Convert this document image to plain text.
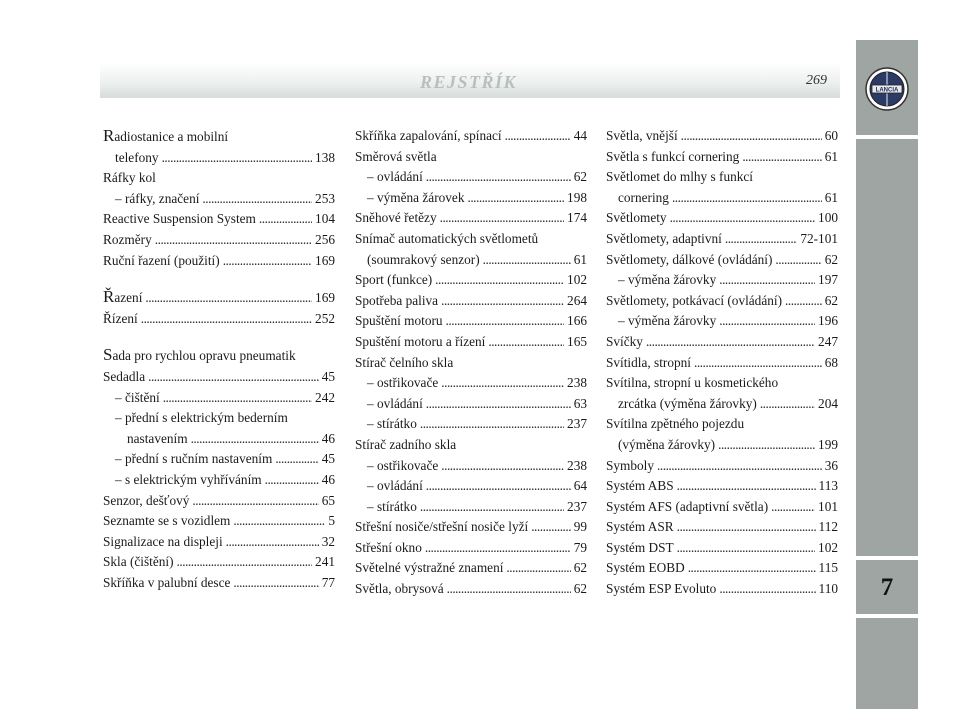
REJSTŘÍK	269
LANCIA
7
Radiostanice a mobilní
telefony . . .	138
Ráfky kol
– ráfky, značení . . .	253
Reactive Suspension System . . .	104
Rozměry . . .	256
Ruční řazení (použití) . . .	169
Řazení . . .	169
Řízení . . .	252
Sada pro rychlou opravu pneumatik
Sedadla . . .	45
– čištění . . .	242
– přední s elektrickým bederním
nastavením . . .	46
– přední s ručním nastavením . . .	45
– s elektrickým vyhříváním . . .	46
Senzor, dešťový . . .	65
Seznamte se s vozidlem . . .	5
Signalizace na displeji . . .	32
Skla (čištění) . . .	241
Skříňka v palubní desce . . .	77
Skříňka zapalování, spínací . . .	44
Směrová světla
– ovládání . . .	62
– výměna žárovek . . .	198
Sněhové řetězy . . .	174
Snímač automatických světlometů
(soumrakový senzor) . . .	61
Sport (funkce) . . .	102
Spotřeba paliva . . .	264
Spuštění motoru . . .	166
Spuštění motoru a řízení . . .	165
Stírač čelního skla
– ostřikovače . . .	238
– ovládání . . .	63
– stírátko . . .	237
Stírač zadního skla
– ostřikovače . . .	238
– ovládání . . .	64
– stírátko . . .	237
Střešní nosiče/střešní nosiče lyží . . .	99
Střešní okno . . .	79
Světelné výstražné znamení . . .	62
Světla, obrysová . . .	62
Světla, vnější . . .	60
Světla s funkcí cornering . . .	61
Světlomet do mlhy s funkcí
cornering . . .	61
Světlomety . . .	100
Světlomety, adaptivní . . .	72-101
Světlomety, dálkové (ovládání) . . .	62
– výměna žárovky . . .	197
Světlomety, potkávací (ovládání) . . .	62
– výměna žárovky . . .	196
Svíčky . . .	247
Svítidla, stropní . . .	68
Svítilna, stropní u kosmetického
zrcátka (výměna žárovky) . . .	204
Svítilna zpětného pojezdu
(výměna žárovky) . . .	199
Symboly . . .	36
Systém ABS . . .	113
Systém AFS (adaptivní světla) . . .	101
Systém ASR . . .	112
Systém DST . . .	102
Systém EOBD . . .	115
Systém ESP Evoluto . . .	110
